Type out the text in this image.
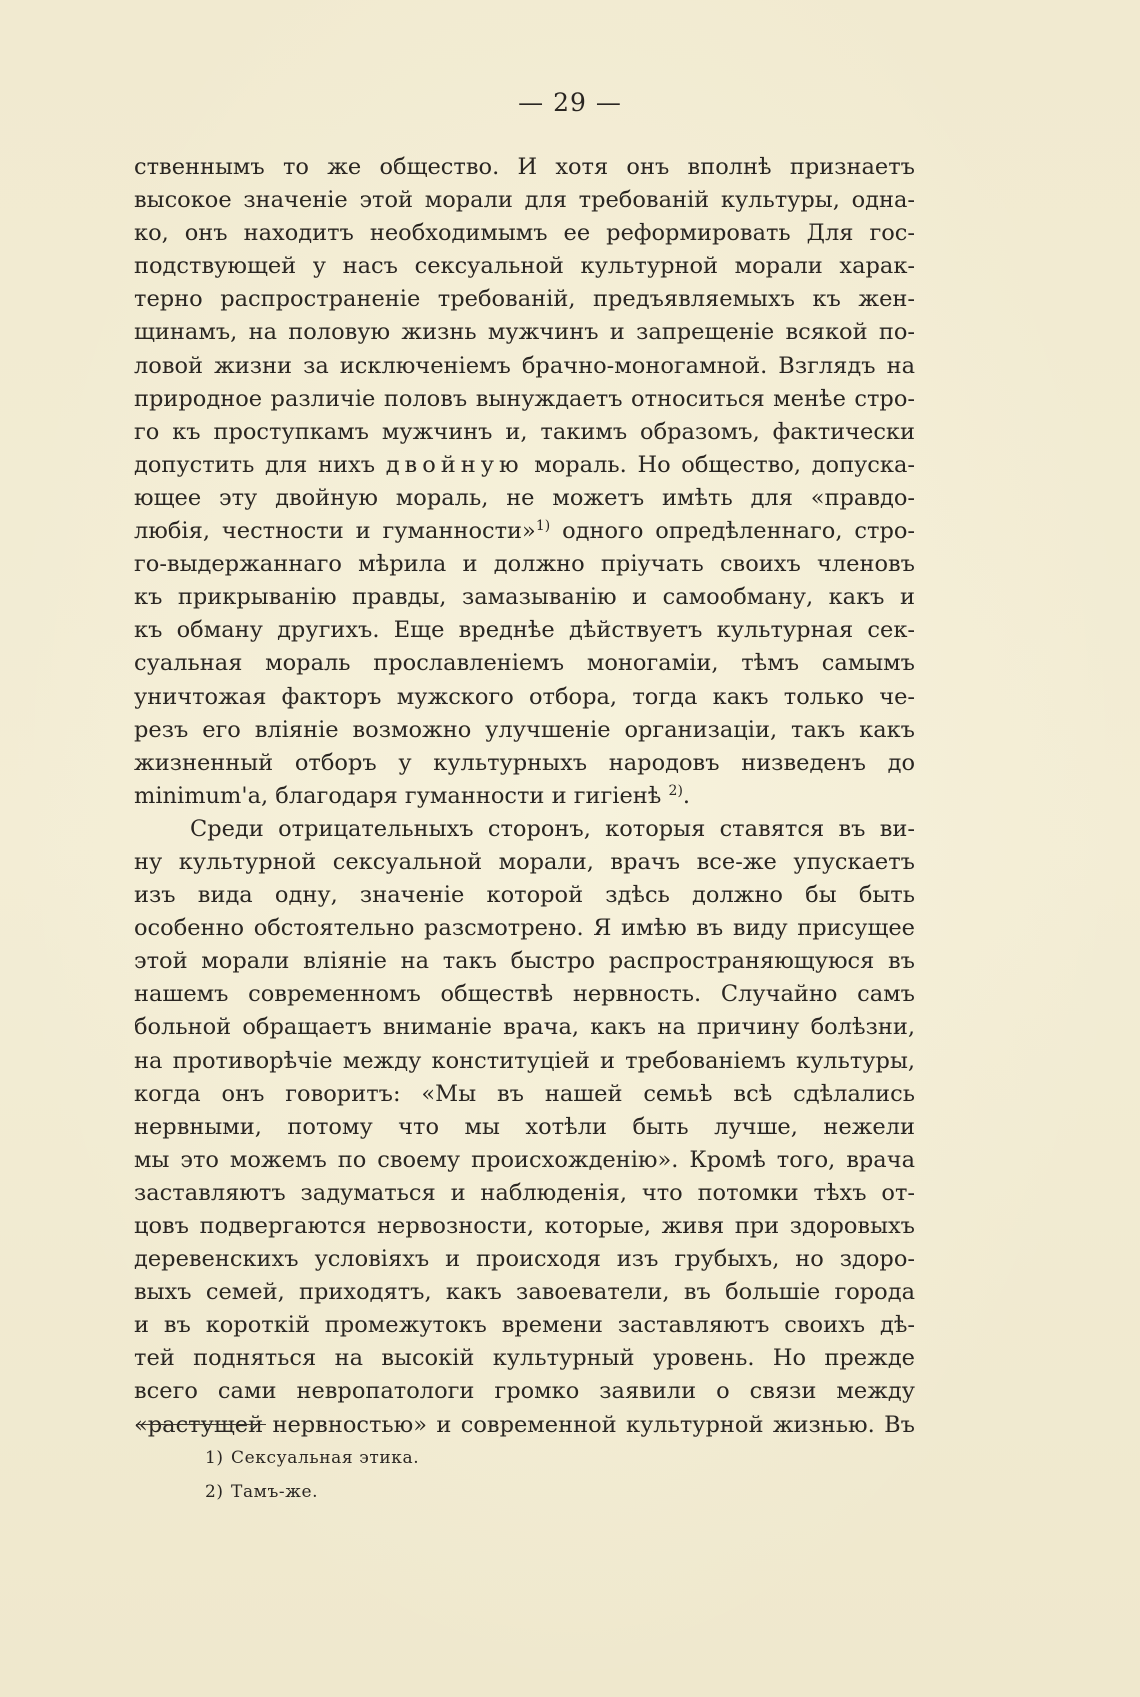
— 29 —
ственнымъ то же общество. И хотя онъ вполнѣ признаетъ
высокое значеніе этой морали для требованій культуры, одна-
ко, онъ находитъ необходимымъ ее реформировать Для гос-
подствующей у насъ сексуальной культурной морали харак-
терно распространеніе требованій, предъявляемыхъ къ жен-
щинамъ, на половую жизнь мужчинъ и запрещеніе всякой по-
ловой жизни за исключеніемъ брачно-моногамной. Взглядъ на
природное различіе половъ вынуждаетъ относиться менѣе стро-
го къ проступкамъ мужчинъ и, такимъ образомъ, фактически
допустить для нихъ двойную мораль. Но общество, допуска-
ющее эту двойную мораль, не можетъ имѣть для «правдо-
любія, честности и гуманности»$^{1)}$ одного опредѣленнаго, стро-
го-выдержаннаго мѣрила и должно пріучать своихъ членовъ
къ прикрыванію правды, замазыванію и самообману, какъ и
къ обману другихъ. Еще вреднѣе дѣйствуетъ культурная сек-
суальная мораль прославленіемъ моногаміи, тѣмъ самымъ
уничтожая факторъ мужского отбора, тогда какъ только че-
резъ его вліяніе возможно улучшеніе организаціи, такъ какъ
жизненный отборъ у культурныхъ народовъ низведенъ до
minimum'a, благодаря гуманности и гигіенѣ $^{2)}$.
Среди отрицательныхъ сторонъ, которыя ставятся въ ви-
ну культурной сексуальной морали, врачъ все-же упускаетъ
изъ вида одну, значеніе которой здѣсь должно бы быть
особенно обстоятельно разсмотрено. Я имѣю въ виду присущее
этой морали вліяніе на такъ быстро распространяющуюся въ
нашемъ современномъ обществѣ нервность. Случайно самъ
больной обращаетъ вниманіе врача, какъ на причину болѣзни,
на противорѣчіе между конституціей и требованіемъ культуры,
когда онъ говоритъ: «Мы въ нашей семьѣ всѣ сдѣлались
нервными, потому что мы хотѣли быть лучше, нежели
мы это можемъ по своему происхожденію». Кромѣ того, врача
заставляютъ задуматься и наблюденія, что потомки тѣхъ от-
цовъ подвергаются нервозности, которые, живя при здоровыхъ
деревенскихъ условіяхъ и происходя изъ грубыхъ, но здоро-
выхъ семей, приходятъ, какъ завоеватели, въ большіе города
и въ короткій промежутокъ времени заставляютъ своихъ дѣ-
тей подняться на высокій культурный уровень. Но прежде
всего сами невропатологи громко заявили о связи между
«растущей нервностью» и современной культурной жизнью. Въ
1) Сексуальная этика.
2) Тамъ-же.
